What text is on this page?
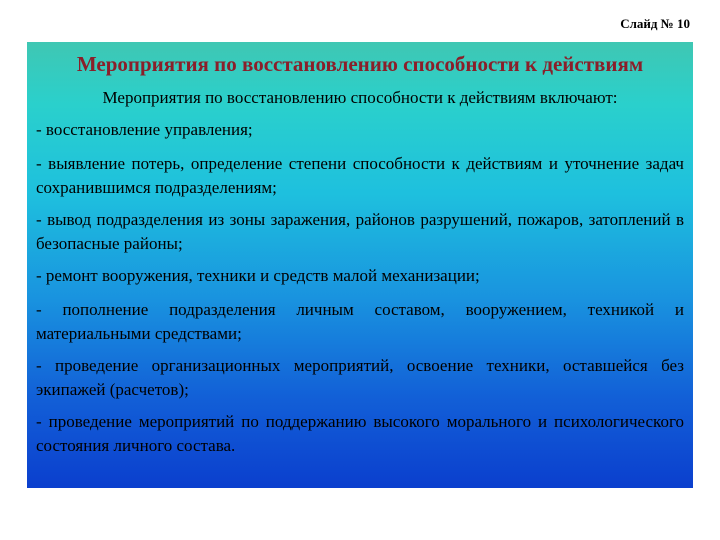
Слайд № 10
Мероприятия по восстановлению способности к действиям
Мероприятия по восстановлению способности к действиям включают:
- восстановление управления;
- выявление потерь, определение степени способности к действиям и уточнение задач сохранившимся подразделениям;
- вывод подразделения из зоны заражения, районов разрушений, пожаров, затоплений в безопасные районы;
- ремонт вооружения, техники и средств малой механизации;
- пополнение подразделения личным составом, вооружением, техникой и материальными средствами;
- проведение организационных мероприятий, освоение техники, оставшейся без экипажей (расчетов);
- проведение мероприятий по поддержанию высокого морального и психологического состояния личного состава.
